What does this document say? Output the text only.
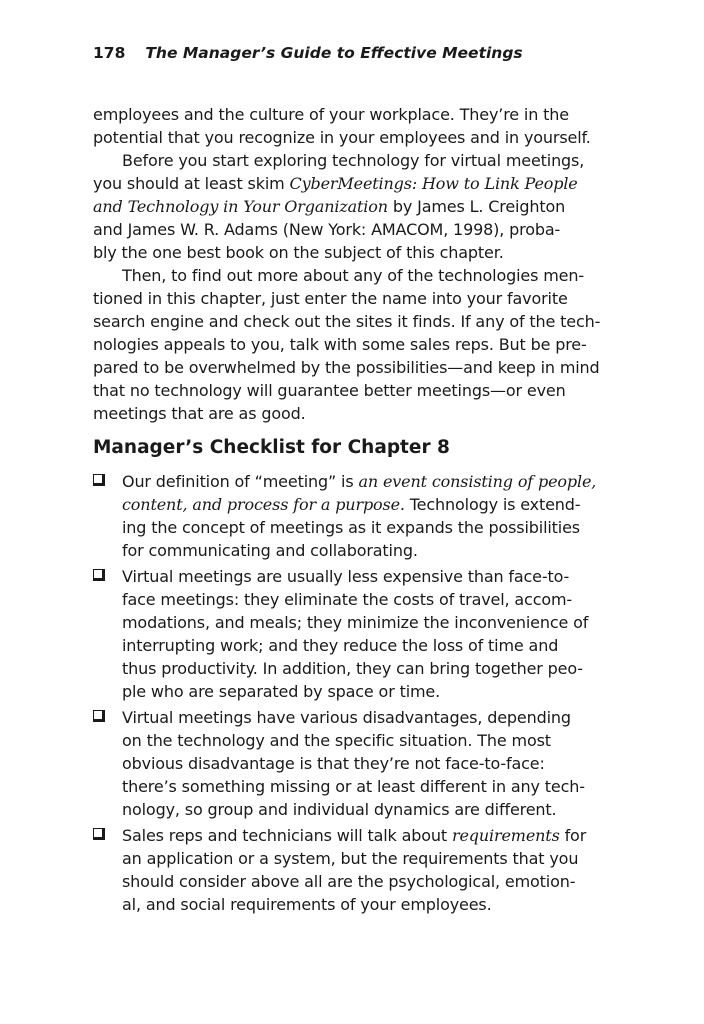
178 The Manager’s Guide to Effective Meetings
employees and the culture of your workplace. They’re in the
potential that you recognize in your employees and in yourself.
Before you start exploring technology for virtual meetings,
you should at least skim CyberMeetings: How to Link People
and Technology in Your Organization by James L. Creighton
and James W. R. Adams (New York: AMACOM, 1998), proba-
bly the one best book on the subject of this chapter.
Then, to find out more about any of the technologies men-
tioned in this chapter, just enter the name into your favorite
search engine and check out the sites it finds. If any of the tech-
nologies appeals to you, talk with some sales reps. But be pre-
pared to be overwhelmed by the possibilities—and keep in mind
that no technology will guarantee better meetings—or even
meetings that are as good.
Manager’s Checklist for Chapter 8
Our definition of “meeting” is an event consisting of people,
content, and process for a purpose. Technology is extend-
ing the concept of meetings as it expands the possibilities
for communicating and collaborating.
Virtual meetings are usually less expensive than face-to-
face meetings: they eliminate the costs of travel, accom-
modations, and meals; they minimize the inconvenience of
interrupting work; and they reduce the loss of time and
thus productivity. In addition, they can bring together peo-
ple who are separated by space or time.
Virtual meetings have various disadvantages, depending
on the technology and the specific situation. The most
obvious disadvantage is that they’re not face-to-face:
there’s something missing or at least different in any tech-
nology, so group and individual dynamics are different.
Sales reps and technicians will talk about requirements for
an application or a system, but the requirements that you
should consider above all are the psychological, emotion-
al, and social requirements of your employees.
